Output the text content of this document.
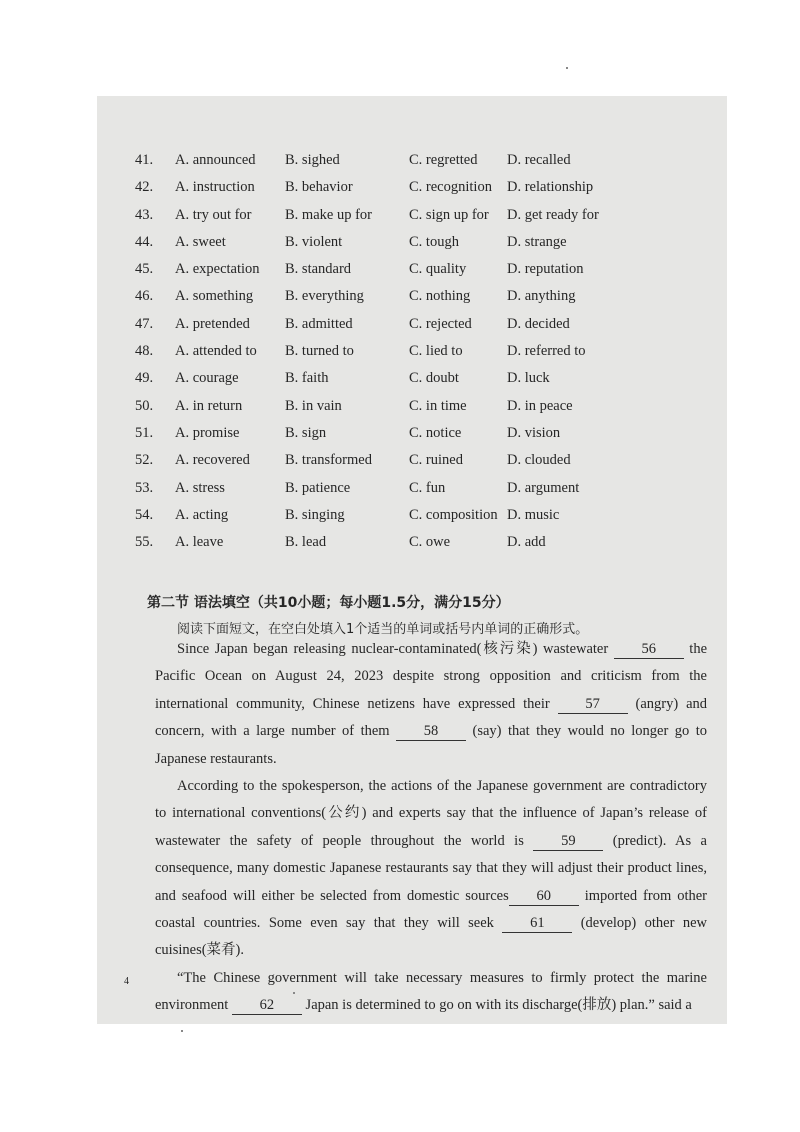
41. A. announced B. sighed	C. regretted D. recalled
42. A. instruction B. behavior	C. recognition D. relationship
43. A. try out for B. make up for	C. sign up for D. get ready for
44. A. sweet	B. violent	C. tough	D. strange
45. A. expectation B. standard	C. quality	D. reputation
46. A. something B. everything	C. nothing	D. anything
47. A. pretended B. admitted	C. rejected D. decided
48. A. attended to B. turned to	C. lied to	D. referred to
49. A. courage	B. faith	C. doubt	D. luck
50. A. in return	B. in vain	C. in time	D. in peace
51. A. promise	B. sign	C. notice	D. vision
52. A. recovered B. transformed	C. ruined	D. clouded
53. A. stress	B. patience	C. fun	D. argument
54. A. acting	B. singing	C. composition D. music
55. A. leave	B. lead	C. owe	D. add
第二节 语法填空（共10小题；每小题1.5分，满分15分）
阅读下面短文，在空白处填入1个适当的单词或括号内单词的正确形式。

Since Japan began releasing nuclear-contaminated(核污染) wastewater 56 the Pacific Ocean on August 24, 2023 despite strong opposition and criticism from the international community, Chinese netizens have expressed their 57 (angry) and concern, with a large number of them 58 (say) that they would no longer go to Japanese restaurants.

According to the spokesperson, the actions of the Japanese government are contradictory to international conventions(公约) and experts say that the influence of Japan’s release of wastewater the safety of people throughout the world is 59 (predict). As a consequence, many domestic Japanese restaurants say that they will adjust their product lines, and seafood will either be selected from domestic sources 60 imported from other coastal countries. Some even say that they will seek 61 (develop) other new cuisines(菜肴).

“The Chinese government will take necessary measures to firmly protect the marine environment 62 Japan is determined to go on with its discharge(排放) plan.” said a

4
